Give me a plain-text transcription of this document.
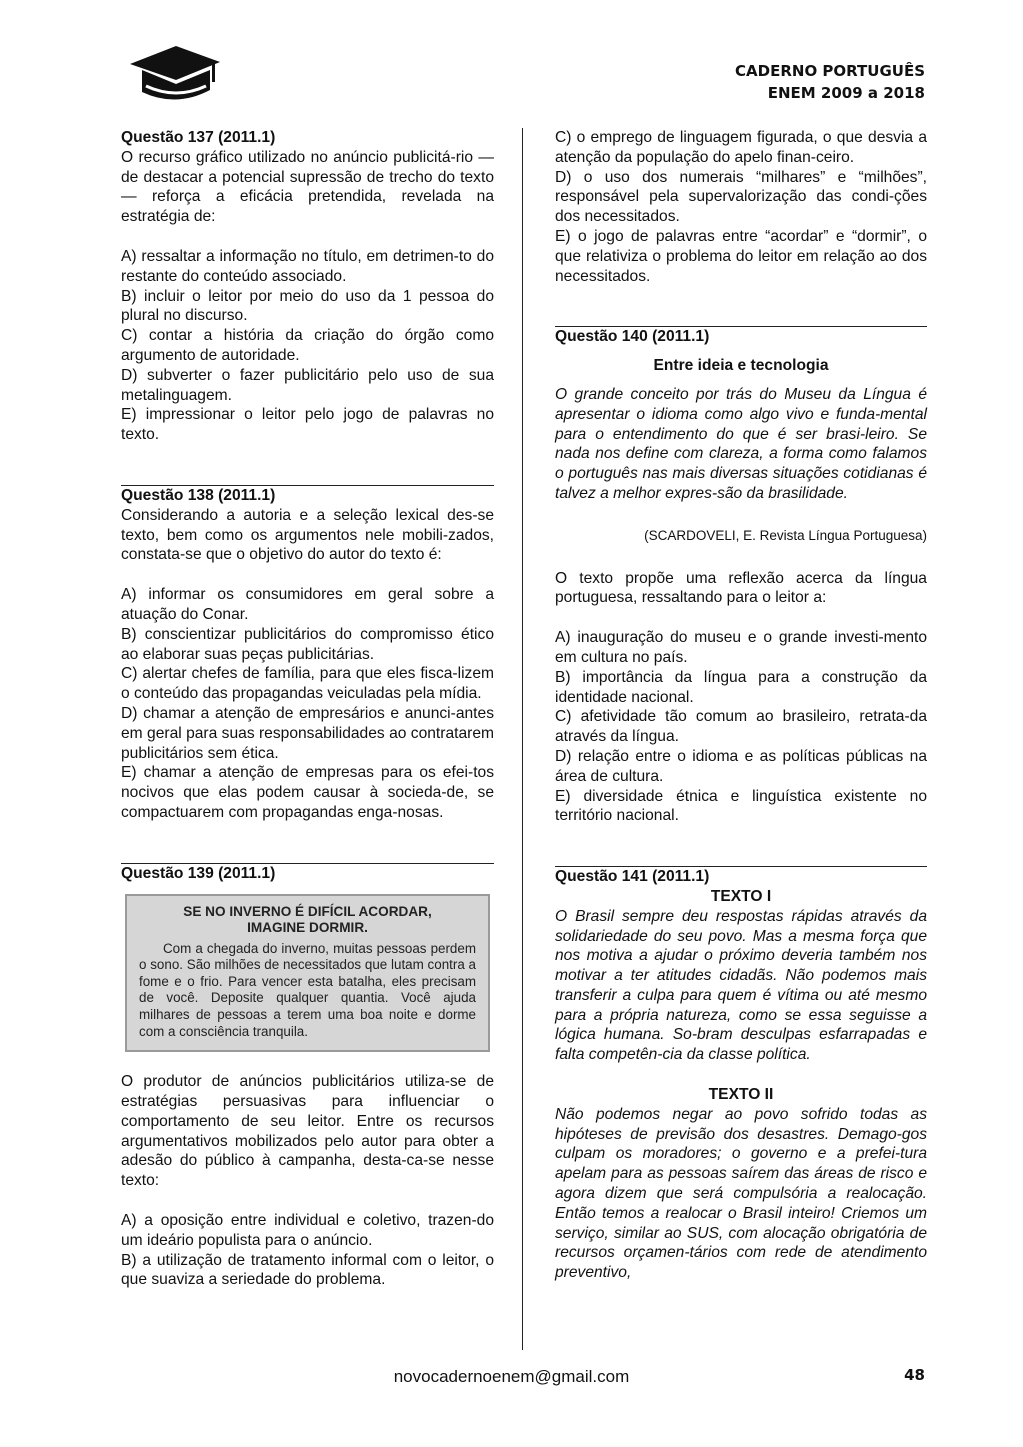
CADERNO PORTUGUÊS
ENEM 2009 a 2018
Questão 137 (2011.1)

O recurso gráfico utilizado no anúncio publicitá-rio — de destacar a potencial supressão de trecho do texto — reforça a eficácia pretendida, revelada na estratégia de:

A) ressaltar a informação no título, em detrimen-to do restante do conteúdo associado.

B) incluir o leitor por meio do uso da 1 pessoa do plural no discurso.

C) contar a história da criação do órgão como argumento de autoridade.

D) subverter o fazer publicitário pelo uso de sua metalinguagem.

E) impressionar o leitor pelo jogo de palavras no texto.

Questão 138 (2011.1)

Considerando a autoria e a seleção lexical des-se texto, bem como os argumentos nele mobili-zados, constata-se que o objetivo do autor do texto é:

A) informar os consumidores em geral sobre a atuação do Conar.

B) conscientizar publicitários do compromisso ético ao elaborar suas peças publicitárias.

C) alertar chefes de família, para que eles fisca-lizem o conteúdo das propagandas veiculadas pela mídia.

D) chamar a atenção de empresários e anunci-antes em geral para suas responsabilidades ao contratarem publicitários sem ética.

E) chamar a atenção de empresas para os efei-tos nocivos que elas podem causar à socieda-de, se compactuarem com propagandas enga-nosas.

Questão 139 (2011.1)
SE NO INVERNO É DIFÍCIL ACORDAR,
IMAGINE DORMIR.
Com a chegada do inverno, muitas pessoas perdem o sono. São milhões de necessitados que lutam contra a fome e o frio. Para vencer esta batalha, eles precisam de você. Deposite qualquer quantia. Você ajuda milhares de pessoas a terem uma boa noite e dorme com a consciência tranquila.

O produtor de anúncios publicitários utiliza-se de estratégias persuasivas para influenciar o comportamento de seu leitor. Entre os recursos argumentativos mobilizados pelo autor para obter a adesão do público à campanha, desta-ca-se nesse texto:

A) a oposição entre individual e coletivo, trazen-do um ideário populista para o anúncio.

B) a utilização de tratamento informal com o leitor, o que suaviza a seriedade do problema.

C) o emprego de linguagem figurada, o que desvia a atenção da população do apelo finan-ceiro.

D) o uso dos numerais “milhares” e “milhões”, responsável pela supervalorização das condi-ções dos necessitados.

E) o jogo de palavras entre “acordar” e “dormir”, o que relativiza o problema do leitor em relação ao dos necessitados.

Questão 140 (2011.1)
Entre ideia e tecnologia

O grande conceito por trás do Museu da Língua é apresentar o idioma como algo vivo e funda-mental para o entendimento do que é ser brasi-leiro. Se nada nos define com clareza, a forma como falamos o português nas mais diversas situações cotidianas é talvez a melhor expres-são da brasilidade.

(SCARDOVELI, E. Revista Língua Portuguesa)

O texto propõe uma reflexão acerca da língua portuguesa, ressaltando para o leitor a:

A) inauguração do museu e o grande investi-mento em cultura no país.

B) importância da língua para a construção da identidade nacional.

C) afetividade tão comum ao brasileiro, retrata-da através da língua.

D) relação entre o idioma e as políticas públicas na área de cultura.

E) diversidade étnica e linguística existente no território nacional.

Questão 141 (2011.1)
TEXTO I

O Brasil sempre deu respostas rápidas através da solidariedade do seu povo. Mas a mesma força que nos motiva a ajudar o próximo deveria também nos motivar a ter atitudes cidadãs. Não podemos mais transferir a culpa para quem é vítima ou até mesmo para a própria natureza, como se essa seguisse a lógica humana. So-bram desculpas esfarrapadas e falta competên-cia da classe política.

TEXTO II

Não podemos negar ao povo sofrido todas as hipóteses de previsão dos desastres. Demago-gos culpam os moradores; o governo e a prefei-tura apelam para as pessoas saírem das áreas de risco e agora dizem que será compulsória a realocação. Então temos a realocar o Brasil inteiro! Criemos um serviço, similar ao SUS, com alocação obrigatória de recursos orçamen-tários com rede de atendimento preventivo,

novocadernoenem@gmail.com	48
